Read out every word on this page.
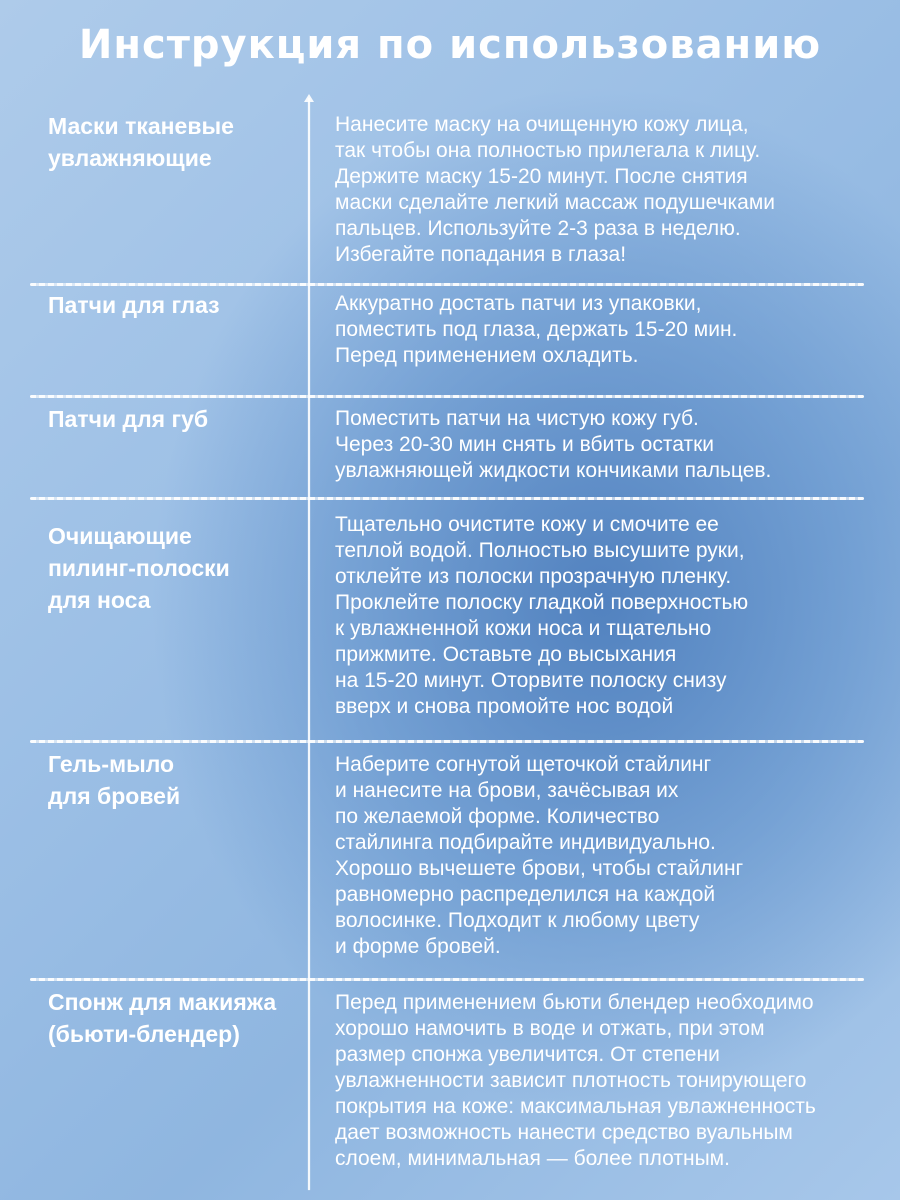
Инструкция по использованию
Маски тканевые
увлажняющие
Нанесите маску на очищенную кожу лица,
так чтобы она полностью прилегала к лицу.
Держите маску 15-20 минут. После снятия
маски сделайте легкий массаж подушечками
пальцев. Используйте 2-3 раза в неделю.
Избегайте попадания в глаза!
Патчи для глаз	Аккуратно достать патчи из упаковки,
поместить под глаза, держать 15-20 мин.
Перед применением охладить.
Патчи для губ	Поместить патчи на чистую кожу губ.
Через 20-30 мин снять и вбить остатки
увлажняющей жидкости кончиками пальцев.
Очищающие
пилинг-полоски
для носа
Тщательно очистите кожу и смочите ее
теплой водой. Полностью высушите руки,
отклейте из полоски прозрачную пленку.
Проклейте полоску гладкой поверхностью
к увлажненной кожи носа и тщательно
прижмите. Оставьте до высыхания
на 15-20 минут. Оторвите полоску снизу
вверх и снова промойте нос водой
Гель-мыло
для бровей
Наберите согнутой щеточкой стайлинг
и нанесите на брови, зачёсывая их
по желаемой форме. Количество
стайлинга подбирайте индивидуально.
Хорошо вычешете брови, чтобы стайлинг
равномерно распределился на каждой
волосинке. Подходит к любому цвету
и форме бровей.
Спонж для макияжа
(бьюти-блендер)
Перед применением бьюти блендер необходимо
хорошо намочить в воде и отжать, при этом
размер спонжа увеличится. От степени
увлажненности зависит плотность тонирующего
покрытия на коже: максимальная увлажненность
дает возможность нанести средство вуальным
слоем, минимальная — более плотным.
